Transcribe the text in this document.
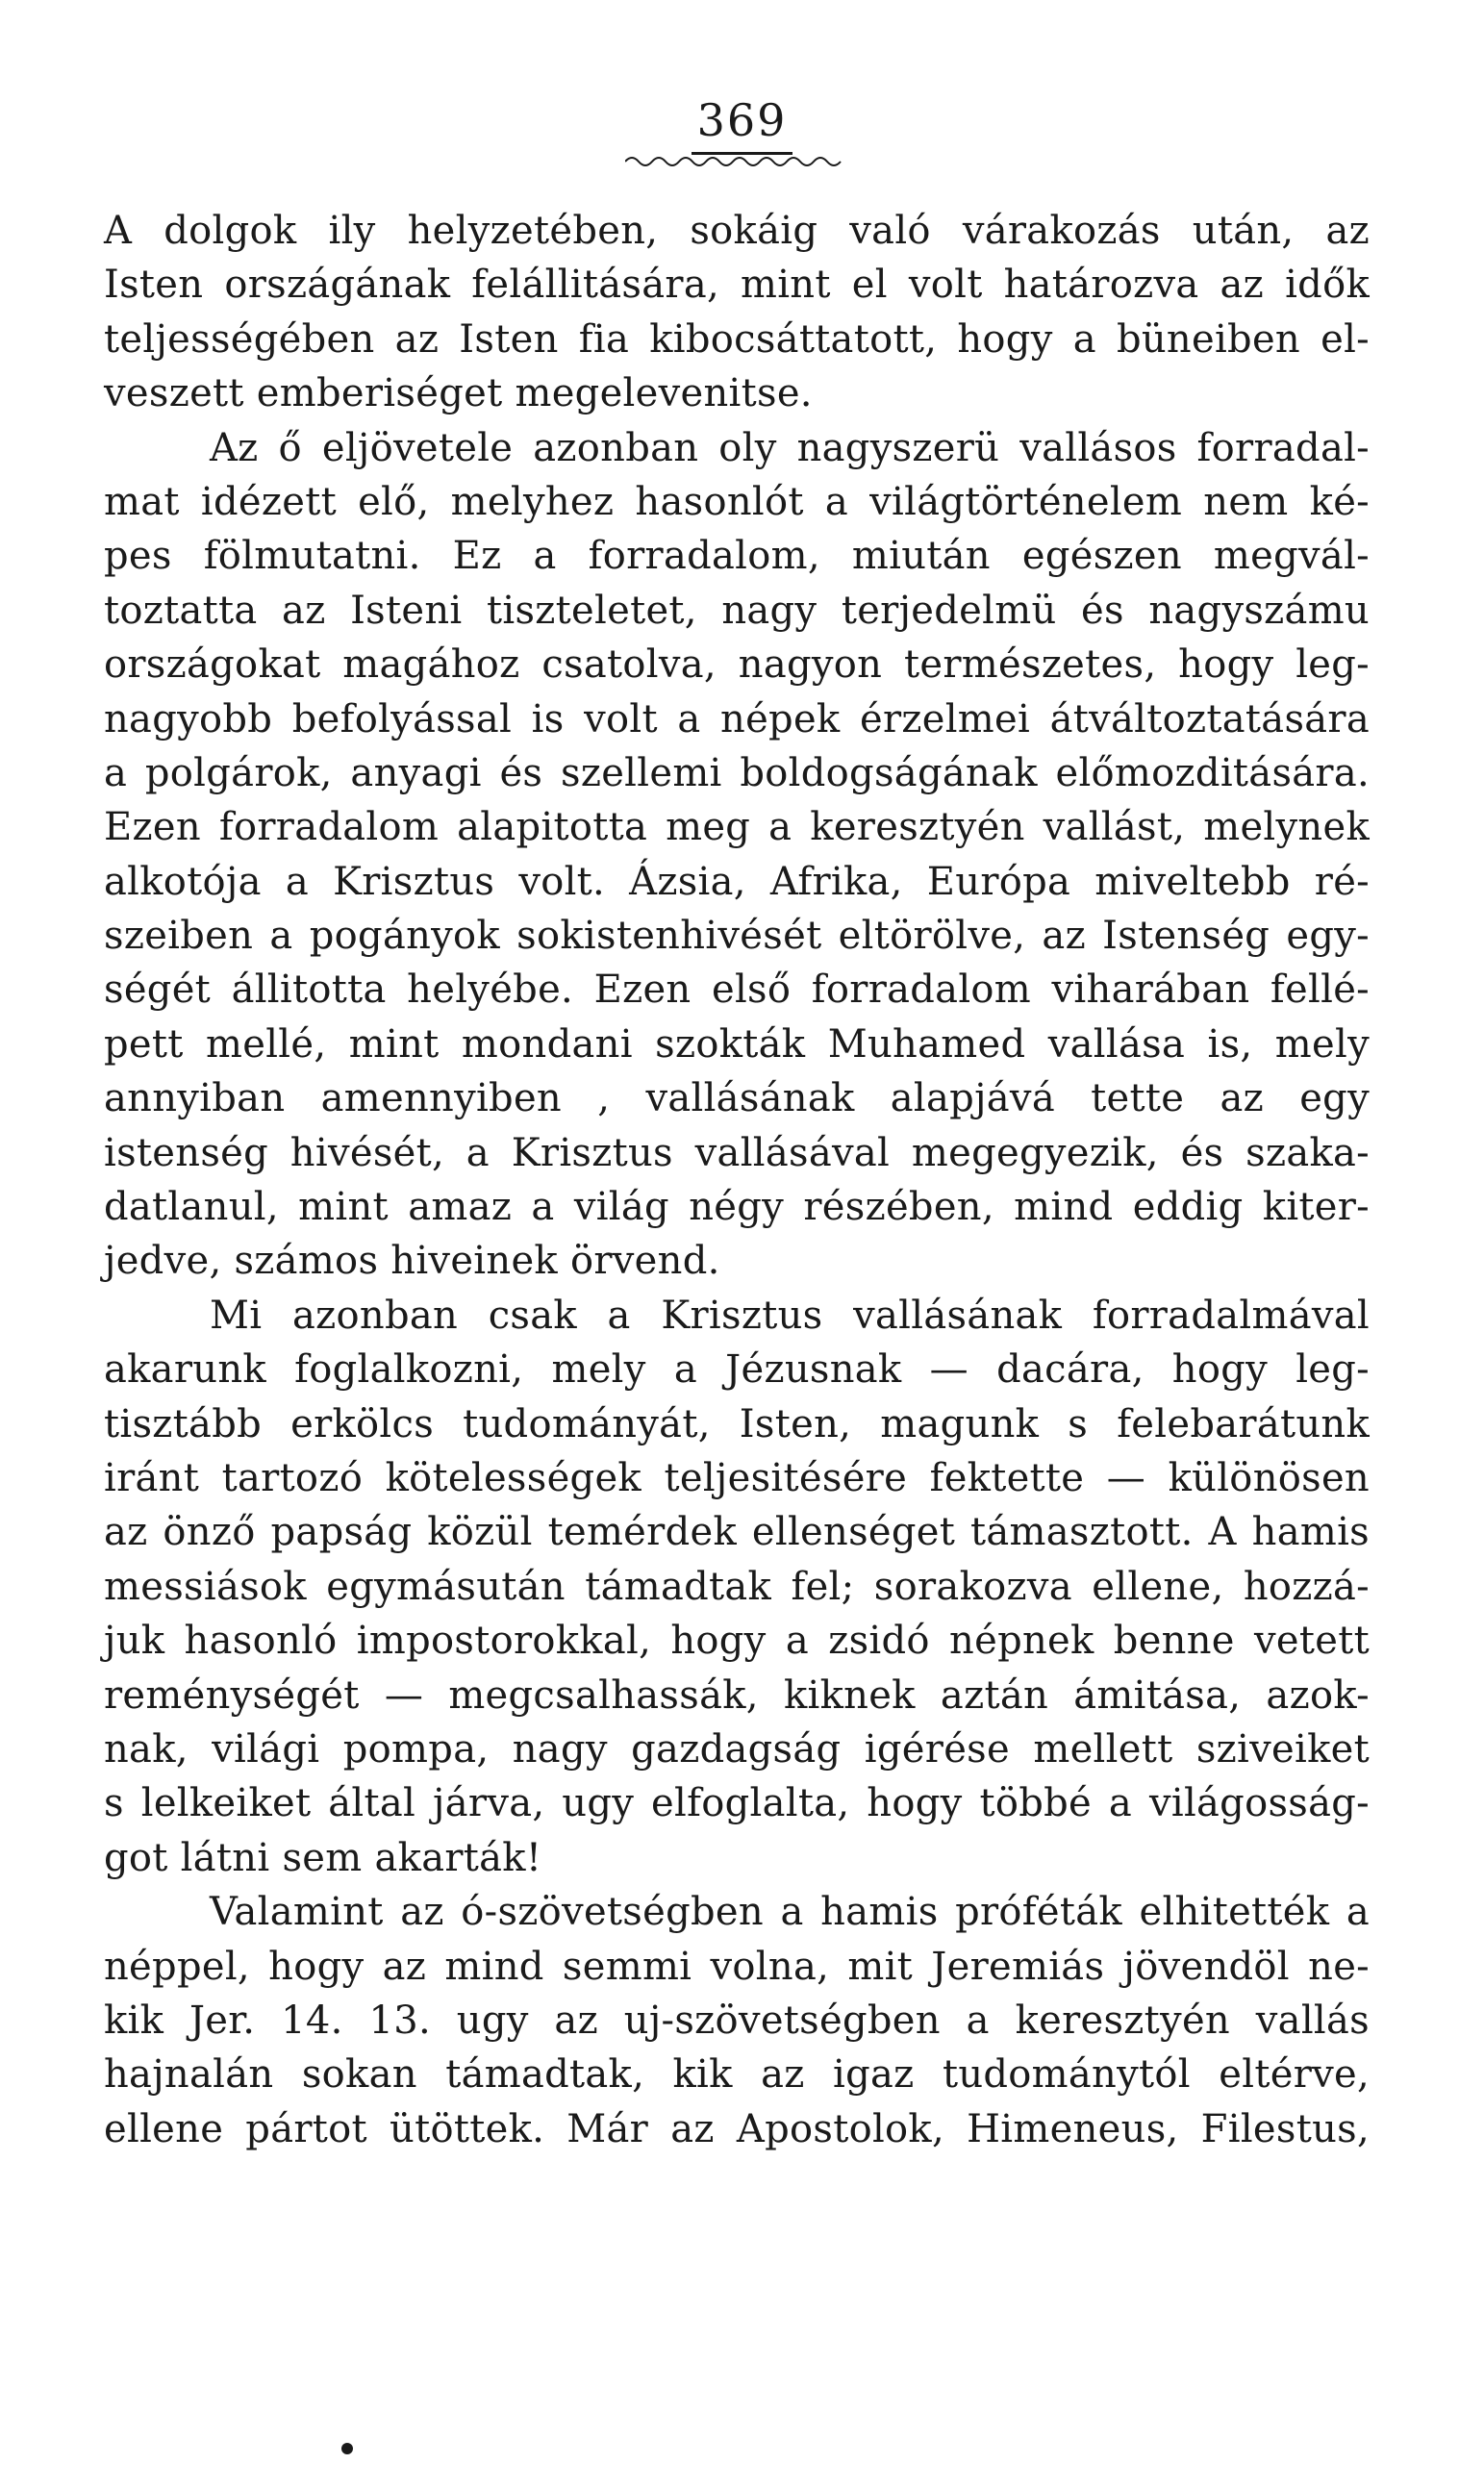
369
A dolgok ily helyzetében, sokáig való várakozás után, az
Isten országának felállitására, mint el volt határozva az idők
teljességében az Isten fia kibocsáttatott, hogy a büneiben el-
veszett emberiséget megelevenitse.
Az ő eljövetele azonban oly nagyszerü vallásos forradal-
mat idézett elő, melyhez hasonlót a világtörténelem nem ké-
pes fölmutatni. Ez a forradalom, miután egészen megvál-
toztatta az Isteni tiszteletet, nagy terjedelmü és nagyszámu
országokat magához csatolva, nagyon természetes, hogy leg-
nagyobb befolyással is volt a népek érzelmei átváltoztatására
a polgárok, anyagi és szellemi boldogságának előmozditására.
Ezen forradalom alapitotta meg a keresztyén vallást, melynek
alkotója a Krisztus volt. Ázsia, Afrika, Európa miveltebb ré-
szeiben a pogányok sokistenhivését eltörölve, az Istenség egy-
ségét állitotta helyébe. Ezen első forradalom viharában fellé-
pett mellé, mint mondani szokták Muhamed vallása is, mely
annyiban amennyiben , vallásának alapjává tette az egy
istenség hivését, a Krisztus vallásával megegyezik, és szaka-
datlanul, mint amaz a világ négy részében, mind eddig kiter-
jedve, számos hiveinek örvend.
Mi azonban csak a Krisztus vallásának forradalmával
akarunk foglalkozni, mely a Jézusnak — dacára, hogy leg-
tisztább erkölcs tudományát, Isten, magunk s felebarátunk
iránt tartozó kötelességek teljesitésére fektette — különösen
az önző papság közül temérdek ellenséget támasztott. A hamis
messiások egymásután támadtak fel; sorakozva ellene, hozzá-
juk hasonló impostorokkal, hogy a zsidó népnek benne vetett
reménységét — megcsalhassák, kiknek aztán ámitása, azok-
nak, világi pompa, nagy gazdagság igérése mellett sziveiket
s lelkeiket által járva, ugy elfoglalta, hogy többé a világosság-
got látni sem akarták!
Valamint az ó-szövetségben a hamis próféták elhitették a
néppel, hogy az mind semmi volna, mit Jeremiás jövendöl ne-
kik Jer. 14. 13. ugy az uj-szövetségben a keresztyén vallás
hajnalán sokan támadtak, kik az igaz tudománytól eltérve,
ellene pártot ütöttek. Már az Apostolok, Himeneus, Filestus,
